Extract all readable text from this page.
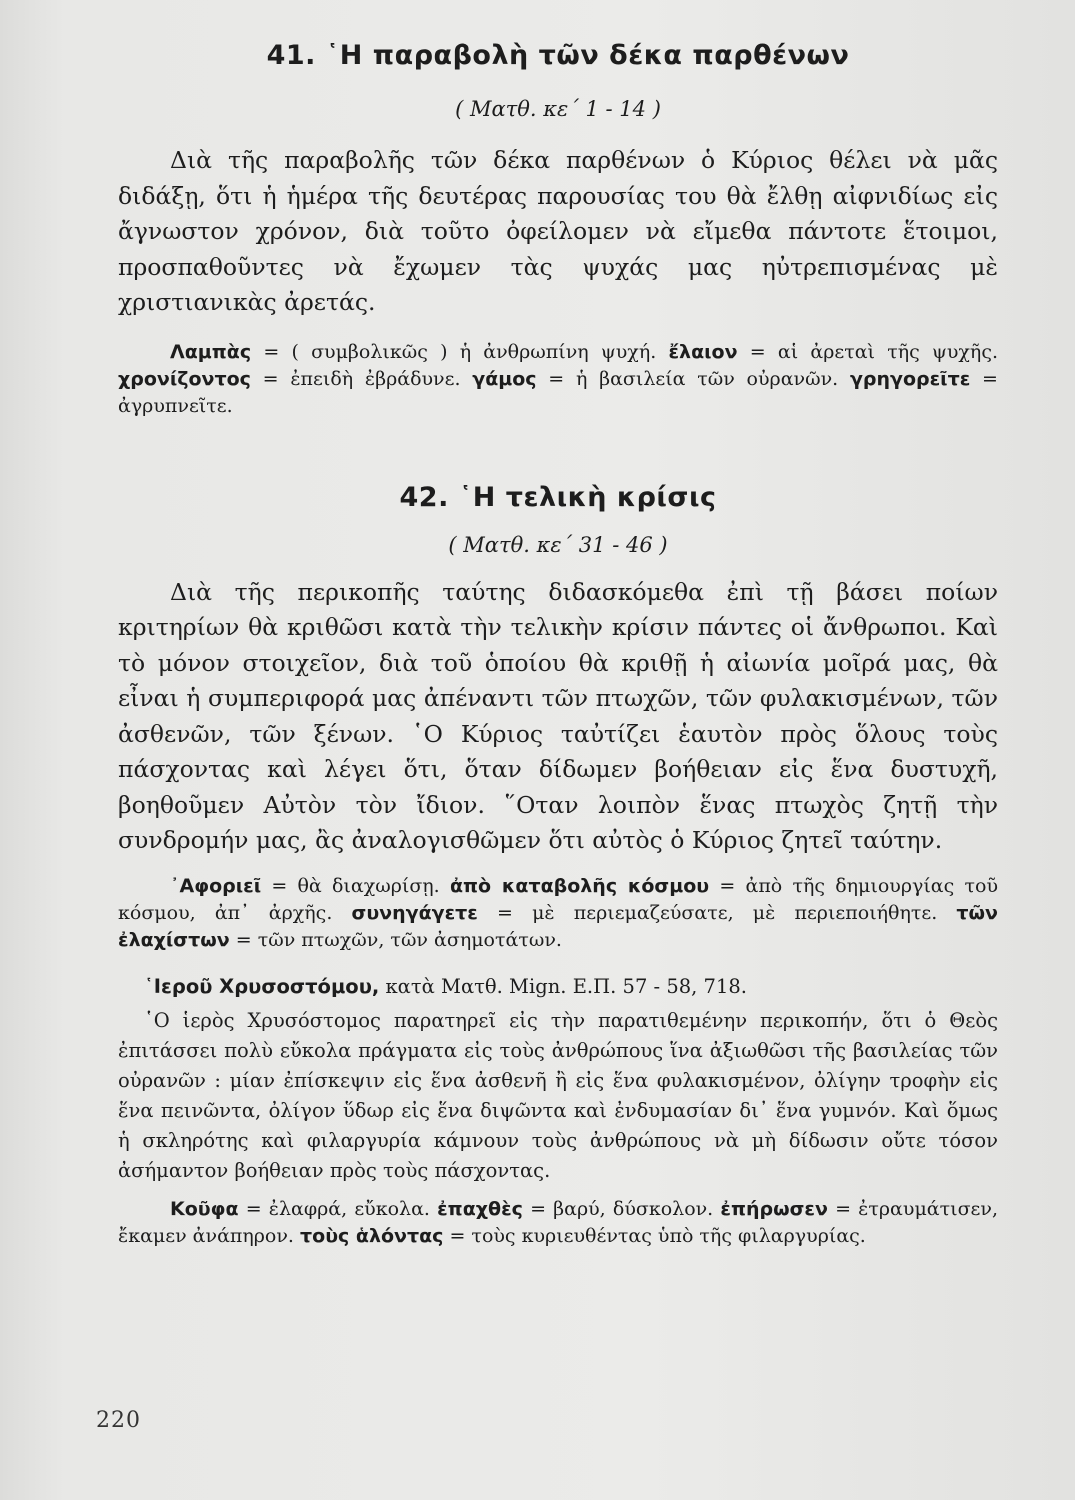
41. ῾Η παραβολὴ τῶν δέκα παρθένων
( Ματθ. κε΄ 1 - 14 )

Διὰ τῆς παραβολῆς τῶν δέκα παρθένων ὁ Κύριος θέλει νὰ μᾶς διδάξῃ, ὅτι ἡ ἡμέρα τῆς δευτέρας παρουσίας του θὰ ἔλθῃ αἰφνιδίως εἰς ἄγνωστον χρόνον, διὰ τοῦτο ὀφείλομεν νὰ εἴμεθα πάντοτε ἕτοιμοι, προσπαθοῦντες νὰ ἔχωμεν τὰς ψυχάς μας ηὐτρεπισμένας μὲ χριστιανικὰς ἀρετάς.

Λαμπὰς = ( συμβολικῶς ) ἡ ἀνθρωπίνη ψυχή. ἔλαιον = αἱ ἀρεταὶ τῆς ψυχῆς. χρονίζοντος = ἐπειδὴ ἐβράδυνε. γάμος = ἡ βασιλεία τῶν οὐρανῶν. γρηγορεῖτε = ἀγρυπνεῖτε.

42. ῾Η τελικὴ κρίσις
( Ματθ. κε΄ 31 - 46 )

Διὰ τῆς περικοπῆς ταύτης διδασκόμεθα ἐπὶ τῇ βάσει ποίων κριτηρίων θὰ κριθῶσι κατὰ τὴν τελικὴν κρίσιν πάντες οἱ ἄνθρωποι. Καὶ τὸ μόνον στοιχεῖον, διὰ τοῦ ὁποίου θὰ κριθῇ ἡ αἰωνία μοῖρά μας, θὰ εἶναι ἡ συμπεριφορά μας ἀπέναντι τῶν πτωχῶν, τῶν φυλακισμένων, τῶν ἀσθενῶν, τῶν ξένων. ῾Ο Κύριος ταὐτίζει ἑαυτὸν πρὸς ὅλους τοὺς πάσχοντας καὶ λέγει ὅτι, ὅταν δίδωμεν βοήθειαν εἰς ἕνα δυστυχῆ, βοηθοῦμεν Αὐτὸν τὸν ἴδιον. ῞Οταν λοιπὸν ἕνας πτωχὸς ζητῇ τὴν συνδρομήν μας, ἂς ἀναλογισθῶμεν ὅτι αὐτὸς ὁ Κύριος ζητεῖ ταύτην.

᾿Αφοριεῖ = θὰ διαχωρίσῃ. ἀπὸ καταβολῆς κόσμου = ἀπὸ τῆς δημιουργίας τοῦ κόσμου, ἀπ᾿ ἀρχῆς. συνηγάγετε = μὲ περιεμαζεύσατε, μὲ περιεποιήθητε. τῶν ἐλαχίστων = τῶν πτωχῶν, τῶν ἀσημοτάτων.

῾Ιεροῦ Χρυσοστόμου, κατὰ Ματθ. Mign. Ε.Π. 57 - 58, 718.

῾Ο ἱερὸς Χρυσόστομος παρατηρεῖ εἰς τὴν παρατιθεμένην περικοπήν, ὅτι ὁ Θεὸς ἐπιτάσσει πολὺ εὔκολα πράγματα εἰς τοὺς ἀνθρώπους ἵνα ἀξιωθῶσι τῆς βασιλείας τῶν οὐρανῶν : μίαν ἐπίσκεψιν εἰς ἕνα ἀσθενῆ ἢ εἰς ἕνα φυλακισμένον, ὀλίγην τροφὴν εἰς ἕνα πεινῶντα, ὀλίγον ὕδωρ εἰς ἕνα διψῶντα καὶ ἐνδυμασίαν δι᾿ ἕνα γυμνόν. Καὶ ὅμως ἡ σκληρότης καὶ φιλαργυρία κάμνουν τοὺς ἀνθρώπους νὰ μὴ δίδωσιν οὔτε τόσον ἀσήμαντον βοήθειαν πρὸς τοὺς πάσχοντας.

Κοῦφα = ἐλαφρά, εὔκολα. ἐπαχθὲς = βαρύ, δύσκολον. ἐπήρωσεν = ἐτραυμάτισεν, ἔκαμεν ἀνάπηρον. τοὺς ἁλόντας = τοὺς κυριευθέντας ὑπὸ τῆς φιλαργυρίας.

220
